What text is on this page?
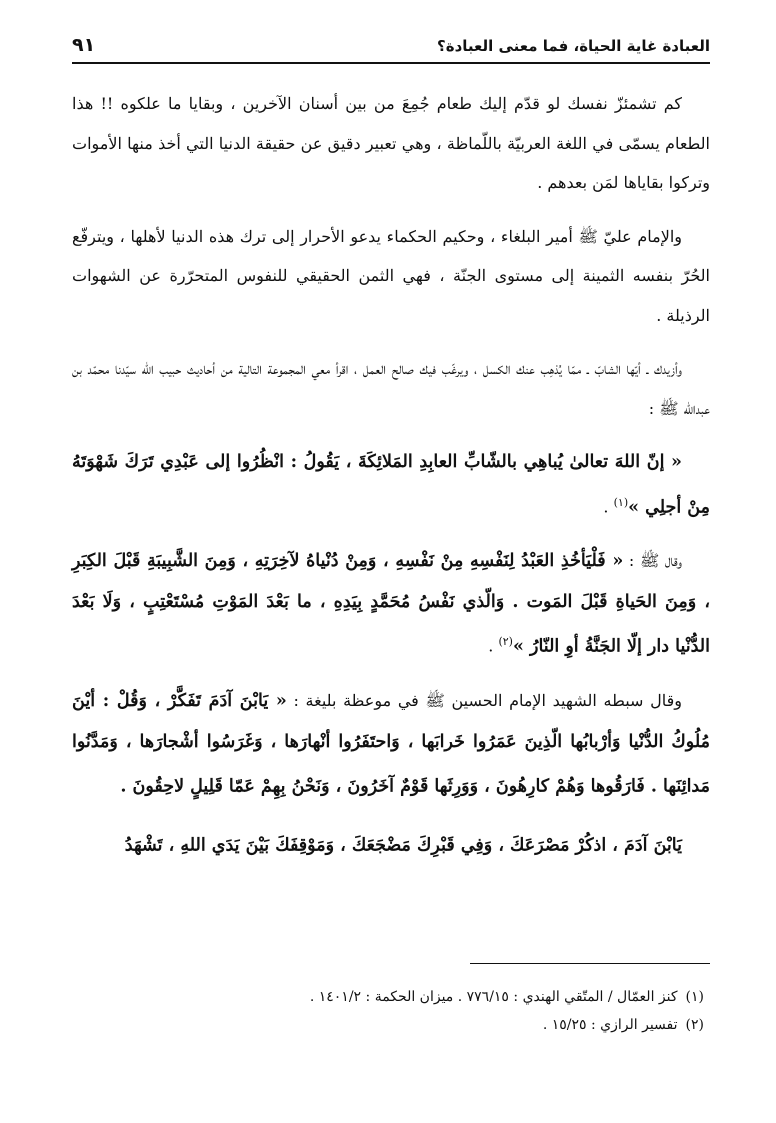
العبادة غاية الحياة، فما معنى العبادة؟
٩١

كم تشمئزّ نفسك لو قدّم إليك طعام جُمِعَ من بين أسنان الآخرين ، وبقايا ما علكوه !! هذا الطعام يسمّى في اللغة العربيّة باللّماظة ، وهي تعبير دقيق عن حقيقة الدنيا التي أخذ منها الأموات وتركوا بقاياها لمَن بعدهم .

والإمام عليّ ﷺ أمير البلغاء ، وحكيم الحكماء يدعو الأحرار إلى ترك هذه الدنيا لأهلها ، ويترفّع الحُرّ بنفسه الثمينة إلى مستوى الجنّة ، فهي الثمن الحقيقي للنفوس المتحرّرة عن الشهوات الرذيلة .

وأزيدك ـ أيّها الشابّ ـ ممّا يُذهِب عنك الكسل ، ويرغّب فيك صالح العمل ، اقرأ معي المجموعة التالية من أحاديث حبيب الله سيّدنا محمّد بن عبدالله ﷺ :

« إنّ اللهَ تعالىٰ يُباهِي بالشّابِّ العابِدِ المَلائِكَةَ ، يَقُولُ : انْظُرُوا إلى عَبْدِي تَرَكَ شَهْوَتَهُ مِنْ أجلِي »$^{(١)}$ .

وقال ﷺ : « فَلْيَأخُذِ العَبْدُ لِنَفْسِهِ مِنْ نَفْسِهِ ، وَمِنْ دُنْياهُ لآخِرَتِهِ ، وَمِنَ الشَّبِيبَةِ قَبْلَ الكِبَرِ ، وَمِنَ الحَياةِ قَبْلَ المَوت . وَالّذي نَفْسُ مُحَمَّدٍ بِيَدِهِ ، ما بَعْدَ المَوْتِ مُسْتَعْتِبٍ ، وَلَا بَعْدَ الدُّنْيا دار إلّا الجَنَّةُ أوِ النّارُ »$^{(٢)}$ .

وقال سبطه الشهيد الإمام الحسين ﷺ في موعظة بليغة : « يَابْنَ آدَمَ تَفَكَّرْ ، وَقُلْ : أيْنَ مُلُوكُ الدُّنْيا وَأرْبابُها الّذِينَ عَمَرُوا خَرابَها ، وَاحتَفَرُوا أنْهارَها ، وَغَرَسُوا أشْجارَها ، وَمَدَّنُوا مَدائِنَها . فَارَقُوها وَهُمْ كارِهُونَ ، وَوَرِثَها قَوْمٌ آخَرُونَ ، وَنَحْنُ بِهِمْ عَمّا قَلِيلٍ لاحِقُونَ .

يَابْنَ آدَمَ ، اذكُرْ مَصْرَعَكَ ، وَفِي قَبْرِكَ مَضْجَعَكَ ، وَمَوْقِفَكَ بَيْنَ يَدَي اللهِ ، تَشْهَدُ

(١)كنز العمّال / المتّقي الهندي : ٧٧٦/١٥ . ميزان الحكمة : ١٤٠١/٢ .

(٢)تفسير الرازي : ١٥/٢٥ .
